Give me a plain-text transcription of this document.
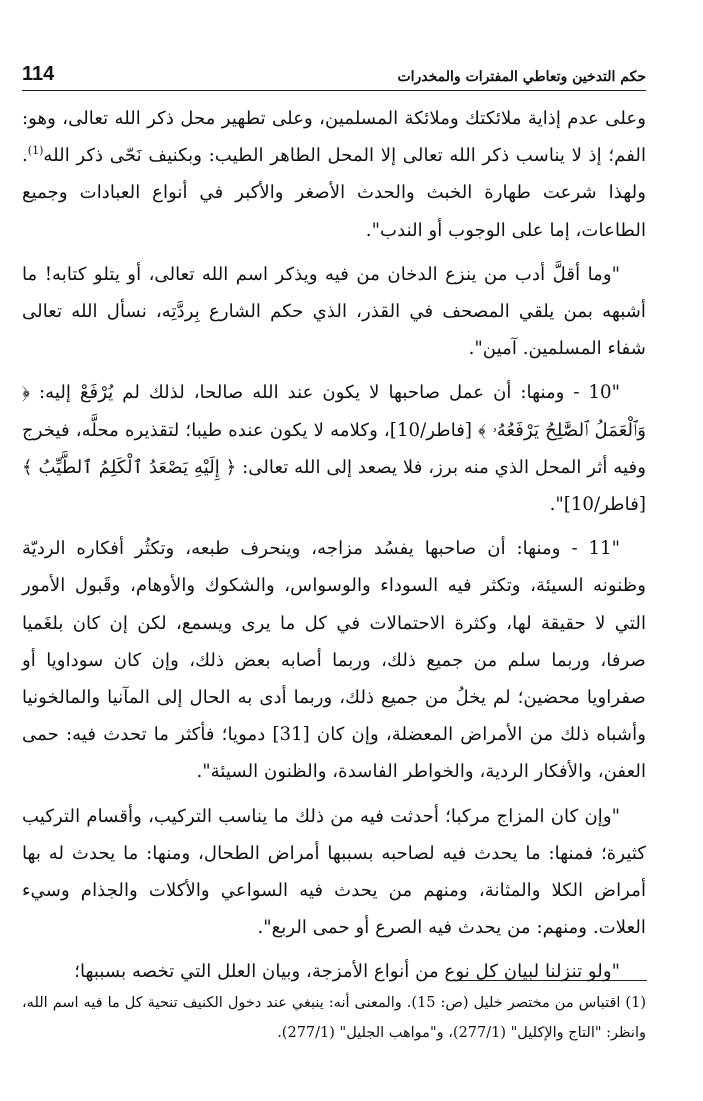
114	حكم التدخين وتعاطي المفترات والمخدرات

وعلى عدم إذاية ملائكتك وملائكة المسلمين، وعلى تطهير محل ذكر الله تعالى، وهو: الفم؛ إذ لا يناسب ذكر الله تعالى إلا المحل الطاهر الطيب: وبكنيف نَحّى ذكر الله$^{(1)}$. ولهذا شرعت طهارة الخبث والحدث الأصغر والأكبر في أنواع العبادات وجميع الطاعات، إما على الوجوب أو الندب".

"وما أقلَّ أدب من ينزع الدخان من فيه ويذكر اسم الله تعالى، أو يتلو كتابه! ما أشبهه بمن يلقي المصحف في القذر، الذي حكم الشارع بِردَّتِه، نسأل الله تعالى شفاء المسلمين. آمين".

"10 - ومنها: أن عمل صاحبها لا يكون عند الله صالحا، لذلك لم يُرْفَعْ إليه: ﴿ وَٱلْعَمَلُ ٱلصَّٰلِحُ يَرْفَعُهُۥ ﴾ [فاطر/10]، وكلامه لا يكون عنده طيبا؛ لتقذيره محلَّه، فيخرج وفيه أثر المحل الذي منه برز، فلا يصعد إلى الله تعالى: ﴿ إِلَيْهِ يَصْعَدُ ٱلْكَلِمُ ٱلطَّيِّبُ ﴾ [فاطر/10]".

"11 - ومنها: أن صاحبها يفسُد مزاجه، وينحرف طبعه، وتكثُر أفكاره الرديّة وظنونه السيئة، وتكثر فيه السوداء والوسواس، والشكوك والأوهام، وقَبول الأمور التي لا حقيقة لها، وكثرة الاحتمالات في كل ما يرى ويسمع، لكن إن كان بلغَميا صرفا، وربما سلم من جميع ذلك، وربما أصابه بعض ذلك، وإن كان سوداويا أو صفراويا محضين؛ لم يخلُ من جميع ذلك، وربما أدى به الحال إلى المآنيا والمالخونيا وأشباه ذلك من الأمراض المعضلة، وإن كان [31] دمويا؛ فأكثر ما تحدث فيه: حمى العفن، والأفكار الردية، والخواطر الفاسدة، والظنون السيئة".

"وإن كان المزاج مركبا؛ أحدثت فيه من ذلك ما يناسب التركيب، وأقسام التركيب كثيرة؛ فمنها: ما يحدث فيه لصاحبه بسببها أمراض الطحال، ومنها: ما يحدث له بها أمراض الكلا والمثانة، ومنهم من يحدث فيه السواعي والأكلات والجذام وسيء العلات. ومنهم: من يحدث فيه الصرع أو حمى الربع".

"ولو تنزلنا لبيان كل نوع من أنواع الأمزجة، وبيان العلل التي تخصه بسببها؛

(1) اقتباس من مختصر خليل (ص: 15). والمعنى أنه: ينبغي عند دخول الكنيف تنحية كل ما فيه اسم الله، وانظر: "التاج والإكليل" (277/1)، و"مواهب الجليل" (277/1).
